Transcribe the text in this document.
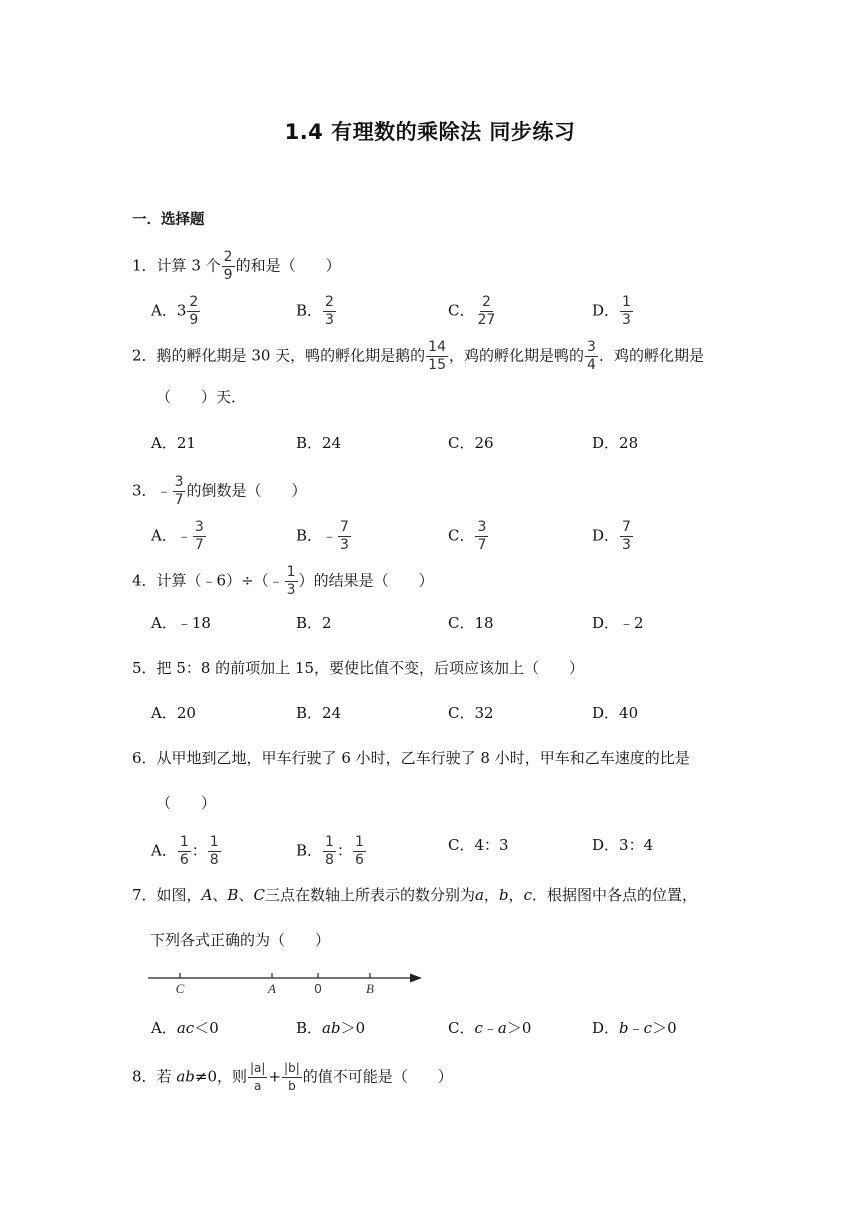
1.4 有理数的乘除法 同步练习
一．选择题
1．计算 3 个 $\frac{2}{9}$ 的和是（　　）
A．$3 \frac{2}{9}$	B． $\frac{2}{3}$	C． $\frac{2}{27}$	D． $\frac{1}{3}$
2．鹅的孵化期是 30 天，鸭的孵化期是鹅的 $\frac{14}{15}$ ，鸡的孵化期是鸭的 $\frac{3}{4}$ ．鸡的孵化期是
（　　）天．
A．21	B．24	C．26	D．28
3．﹣ $\frac{3}{7}$ 的倒数是（　　）
A．﹣ $\frac{3}{7}$	B．﹣ $\frac{7}{3}$	C． $\frac{3}{7}$	D． $\frac{7}{3}$
4．计算（﹣6）÷（﹣ $\frac{1}{3}$ ）的结果是（　　）
A．﹣18	B．2	C．18	D．﹣2
5．把 5：8 的前项加上 15，要使比值不变，后项应该加上（　　）
A．20	B．24	C．32	D．40
6．从甲地到乙地，甲车行驶了 6 小时，乙车行驶了 8 小时，甲车和乙车速度的比是
（　　）
A． $\frac{1}{6}$ ： $\frac{1}{8}$	B． $\frac{1}{8}$ ： $\frac{1}{6}$	C．4：3	D．3：4
7．如图，A、B、C三点在数轴上所表示的数分别为a，b，c．根据图中各点的位置，
下列各式正确的为（　　）
C	A	0	B
A．ac＜0	B．ab＞0	C．c﹣a＞0	D．b﹣c＞0
8．若 ab≠0，则 $\frac{|a|}{a} + \frac{|b|}{b}$ 的值不可能是（　　）
